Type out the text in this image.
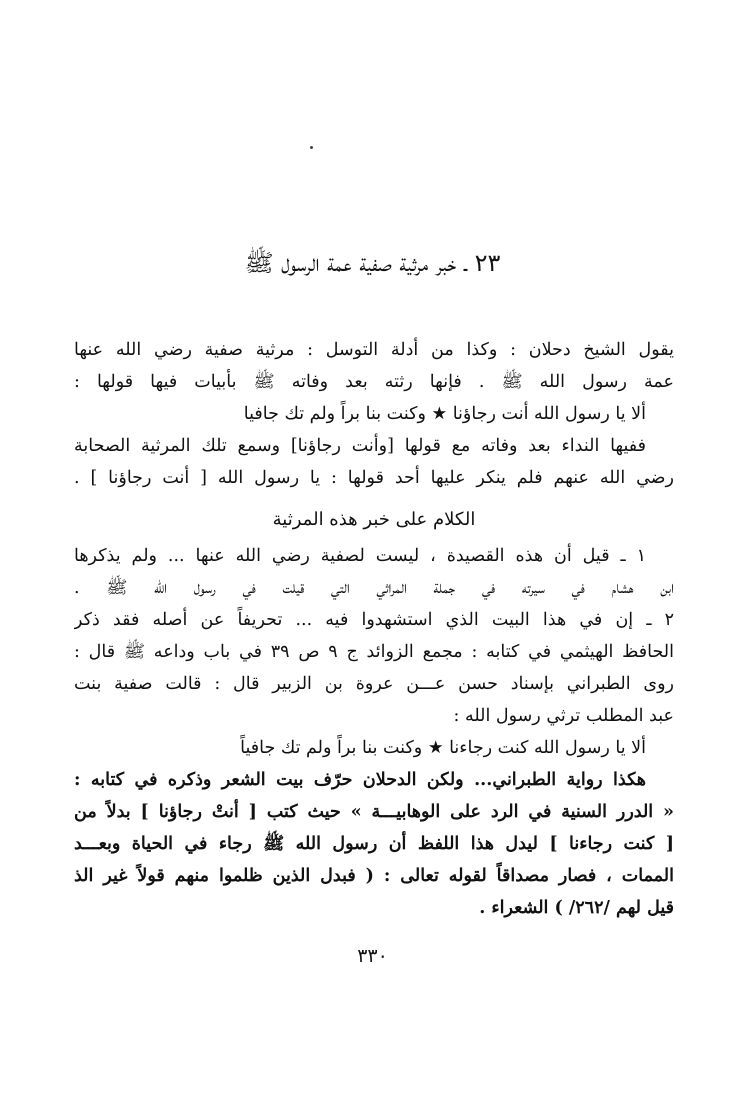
٢٣ ـ خبر مرثية صفية عمة الرسول ﷺ
يقول الشيخ دحلان : وكذا من أدلة التوسل : مرثية صفية رضي الله عنها
عمة رسول الله ﷺ . فإنها رثته بعد وفاته ﷺ بأبيات فيها قولها :
ألا يا رسول الله أنت رجاؤنا ★ وكنت بنا براً ولم تك جافيا
ففيها النداء بعد وفاته مع قولها [وأنت رجاؤنا] وسمع تلك المرثية الصحابة
رضي الله عنهم فلم ينكر عليها أحد قولها : يا رسول الله [ أنت رجاؤنا ] .
الكلام على خبر هذه المرثية
١ ـ قيل أن هذه القصيدة ، ليست لصفية رضي الله عنها ... ولم يذكرها
ابن هشام في سيرته في جملة المراثي التي قيلت في رسول الله ﷺ .
٢ ـ إن في هذا البيت الذي استشهدوا فيه ... تحريفاً عن أصله فقد ذكر
الحافظ الهيثمي في كتابه : مجمع الزوائد ج ٩ ص ٣٩ في باب وداعه ﷺ قال :
روى الطبراني بإسناد حسن عـــن عروة بن الزبير قال : قالت صفية بنت
عبد المطلب ترثي رسول الله :
ألا يا رسول الله كنت رجاءنا ★ وكنت بنا براً ولم تك جافياً
هكذا رواية الطبراني... ولكن الدحلان حرّف بيت الشعر وذكره في كتابه :
« الدرر السنية في الرد على الوهابيـــة » حيث كتب [ أنتْ رجاؤنا ] بدلاً من
[ كنت رجاءنا ] ليدل هذا اللفظ أن رسول الله ﷺ رجاء في الحياة وبعـــد
الممات ، فصار مصداقاً لقوله تعالى : ( فبدل الذين ظلموا منهم قولاً غير الذ
قيل لهم /٢٦٢/ ) الشعراء .
٣٣٠
